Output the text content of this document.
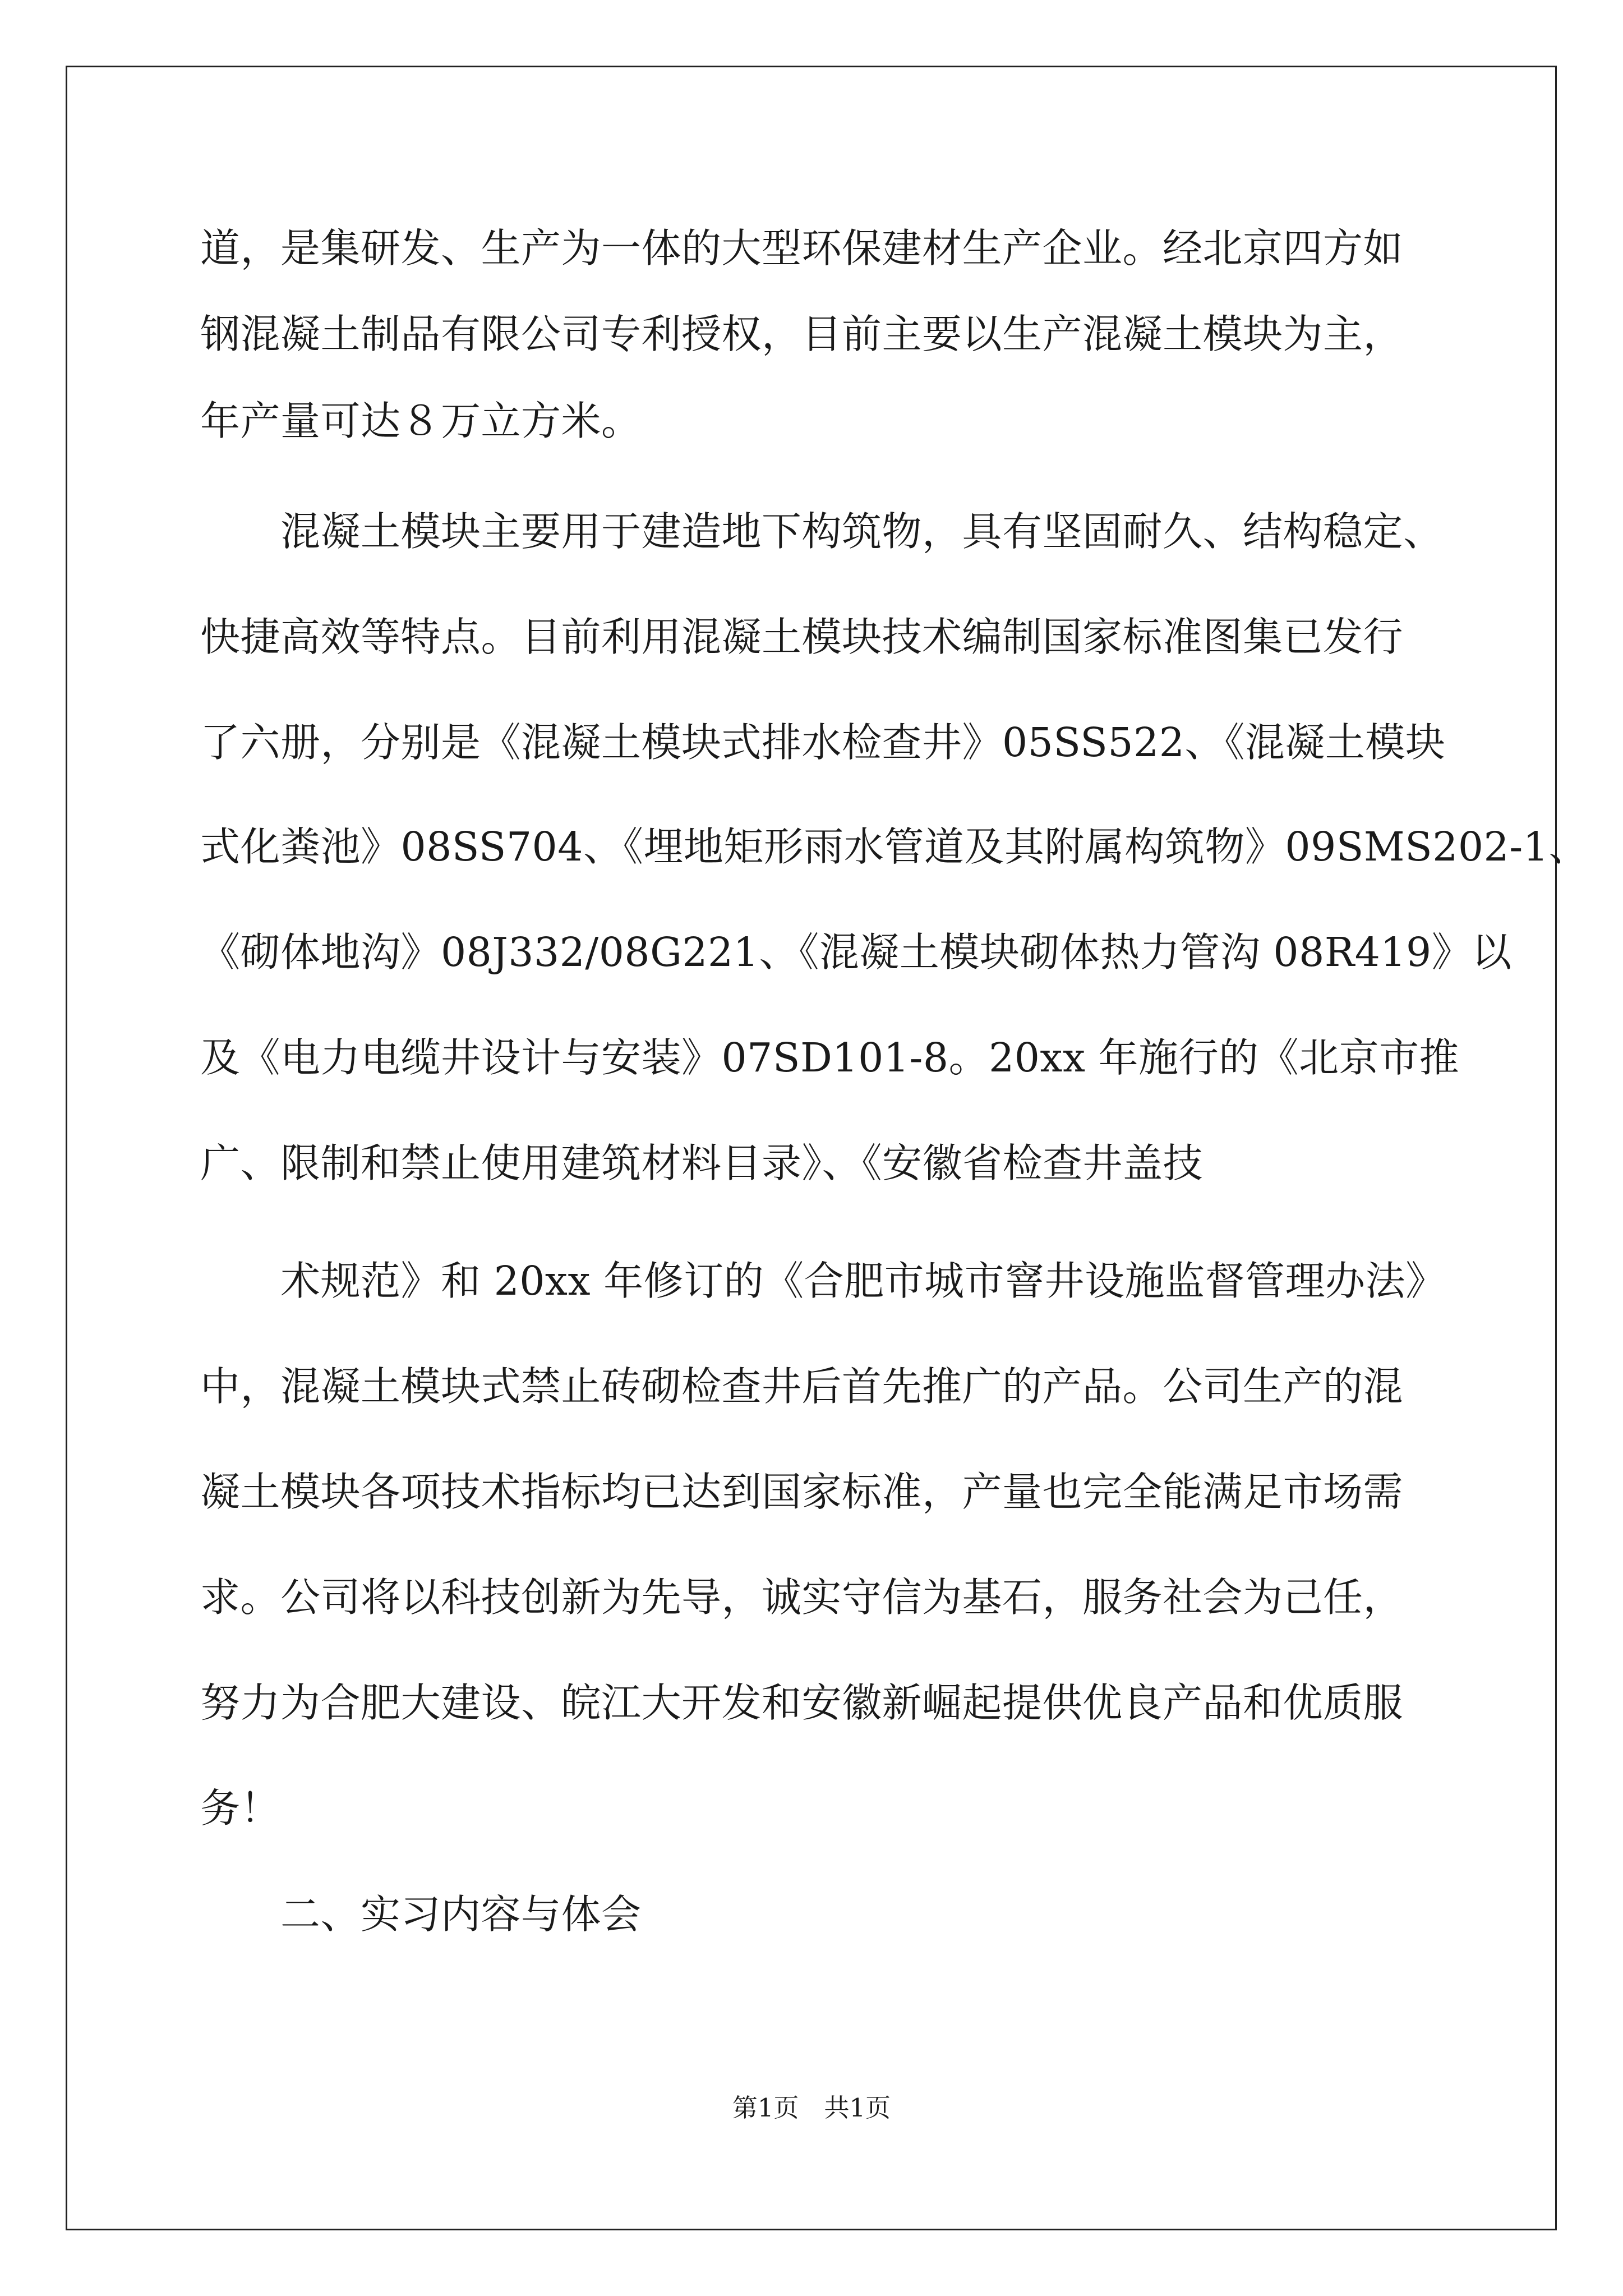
道，是集研发、生产为一体的大型环保建材生产企业。经北京四方如
钢混凝土制品有限公司专利授权，目前主要以生产混凝土模块为主，
年产量可达８万立方米。
混凝土模块主要用于建造地下构筑物，具有坚固耐久、结构稳定、
快捷高效等特点。目前利用混凝土模块技术编制国家标准图集已发行
了六册，分别是《混凝土模块式排水检查井》05SS522、《混凝土模块
式化粪池》08SS704、《埋地矩形雨水管道及其附属构筑物》09SMS202-1、
《砌体地沟》08J332/08G221、《混凝土模块砌体热力管沟 08R419》以
及《电力电缆井设计与安装》07SD101-8。20xx 年施行的《北京市推
广、限制和禁止使用建筑材料目录》、《安徽省检查井盖技
术规范》和 20xx 年修订的《合肥市城市窨井设施监督管理办法》
中，混凝土模块式禁止砖砌检查井后首先推广的产品。公司生产的混
凝土模块各项技术指标均已达到国家标准，产量也完全能满足市场需
求。公司将以科技创新为先导，诚实守信为基石，服务社会为己任，
努力为合肥大建设、皖江大开发和安徽新崛起提供优良产品和优质服
务！
二、实习内容与体会
第1页　共1页
